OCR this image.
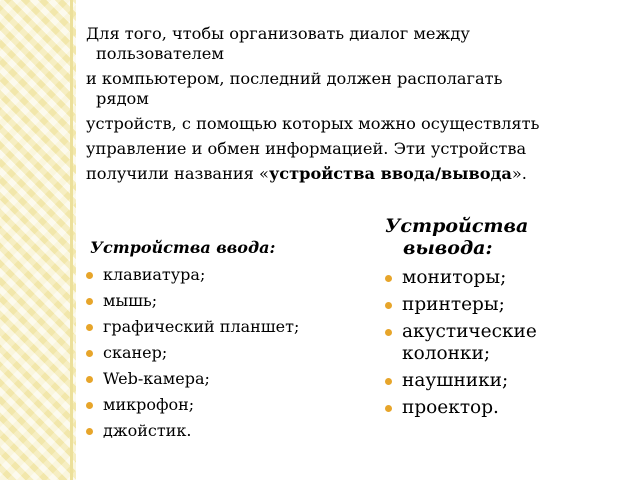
Для того, чтобы организовать диалог между
пользователем
и компьютером, последний должен располагать
рядом
устройств, с помощью которых можно осуществлять
управление и обмен информацией. Эти устройства
получили названия «устройства ввода/вывода».
Устройства ввода:
клавиатура;
мышь;
графический планшет;
сканер;
Web-камера;
микрофон;
джойстик.
Устройства
вывода:
мониторы;
принтеры;
акустические
колонки;
наушники;
проектор.
